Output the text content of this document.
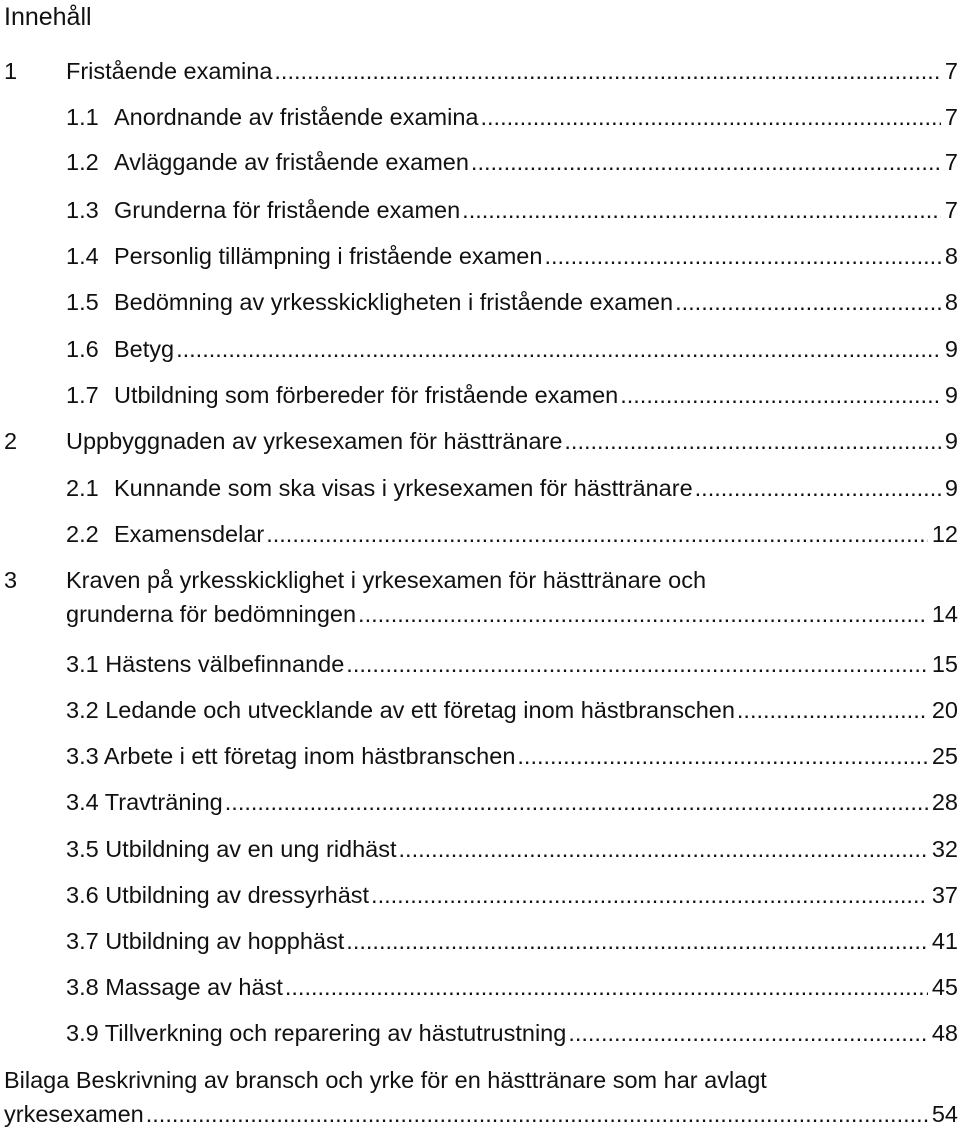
Innehåll
1	Fristående examina .....	7
1.1 Anordnande av fristående examina .....	7
1.2 Avläggande av fristående examen .....	7
1.3 Grunderna för fristående examen .....	7
1.4 Personlig tillämpning i fristående examen .....	8
1.5 Bedömning av yrkesskickligheten i fristående examen .....	8
1.6 Betyg .....	9
1.7 Utbildning som förbereder för fristående examen .....	9
2	Uppbyggnaden av yrkesexamen för hästtränare .....	9
2.1 Kunnande som ska visas i yrkesexamen för hästtränare .....	9
2.2 Examensdelar .....	12
3	Kraven på yrkesskicklighet i yrkesexamen för hästtränare och
grunderna för bedömningen .....	14
3.1 Hästens välbefinnande .....	15
3.2 Ledande och utvecklande av ett företag inom hästbranschen .....	20
3.3 Arbete i ett företag inom hästbranschen .....	25
3.4 Travträning .....	28
3.5 Utbildning av en ung ridhäst .....	32
3.6 Utbildning av dressyrhäst .....	37
3.7 Utbildning av hopphäst .....	41
3.8 Massage av häst .....	45
3.9 Tillverkning och reparering av hästutrustning .....	48
Bilaga Beskrivning av bransch och yrke för en hästtränare som har avlagt
yrkesexamen .....	54
